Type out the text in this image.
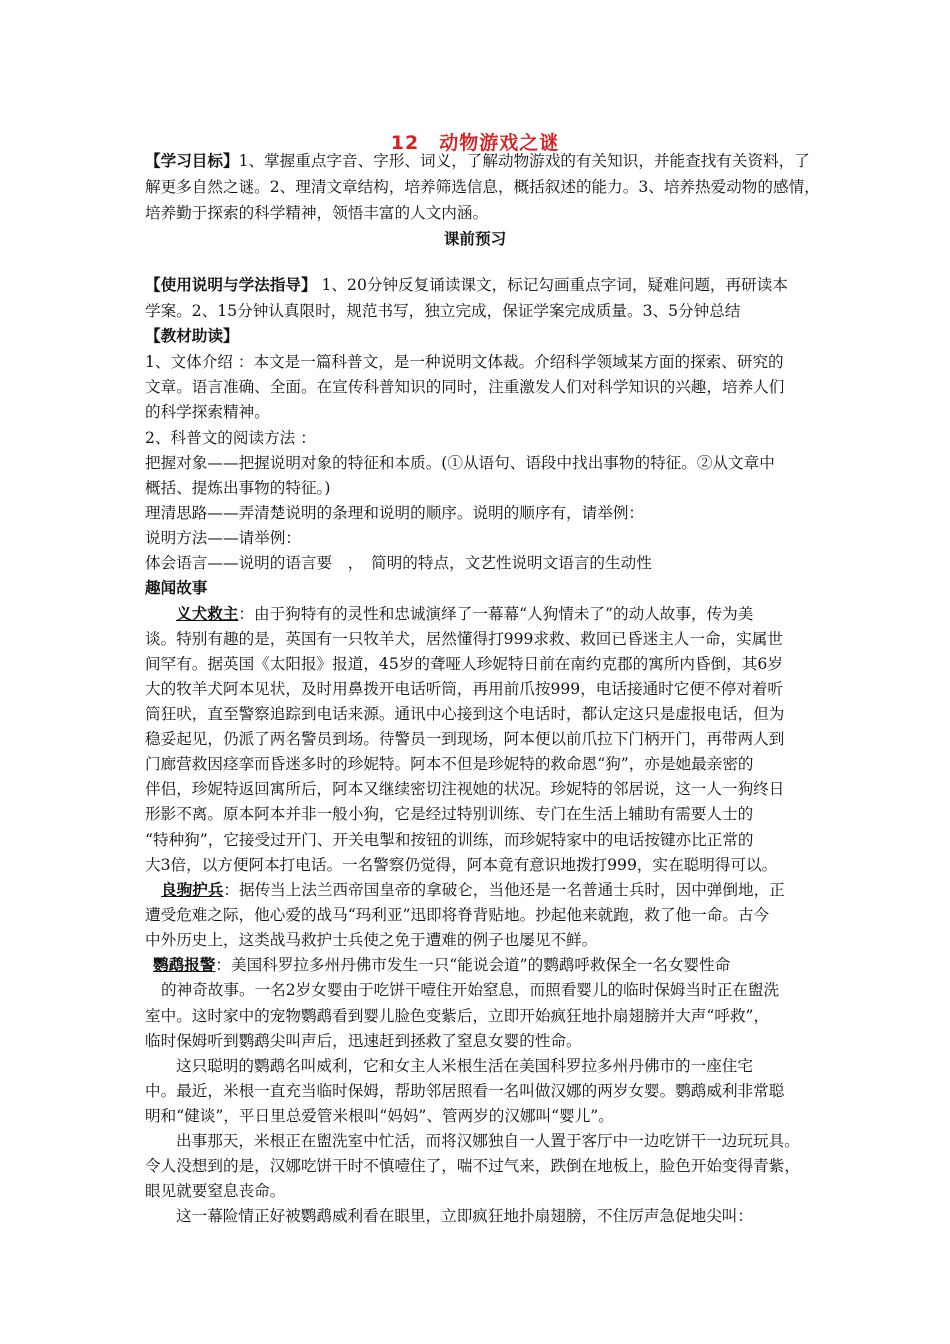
12　动物游戏之谜
【学习目标】1、掌握重点字音、字形、词义，了解动物游戏的有关知识，并能查找有关资料，了
解更多自然之谜。2、理清文章结构，培养筛选信息，概括叙述的能力。3、培养热爱动物的感情，
培养勤于探索的科学精神，领悟丰富的人文内涵。
课前预习
【使用说明与学法指导】 1、20分钟反复诵读课文，标记勾画重点字词，疑难问题，再研读本
学案。2、15分钟认真限时，规范书写，独立完成，保证学案完成质量。3、5分钟总结
【教材助读】
1、文体介绍 ：本文是一篇科普文，是一种说明文体裁。介绍科学领域某方面的探索、研究的
文章。语言准确、全面。在宣传科普知识的同时，注重激发人们对科学知识的兴趣，培养人们
的科学探索精神。
2、科普文的阅读方法 ：
把握对象——把握说明对象的特征和本质。(①从语句、语段中找出事物的特征。②从文章中
概括、提炼出事物的特征。)
理清思路——弄清楚说明的条理和说明的顺序。说明的顺序有，请举例：
说明方法——请举例：
体会语言——说明的语言要　，　简明的特点，文艺性说明文语言的生动性
趣闻故事
义犬救主：由于狗特有的灵性和忠诚演绎了一幕幕“人狗情未了”的动人故事，传为美
谈。特别有趣的是，英国有一只牧羊犬，居然懂得打999求救、救回已昏迷主人一命，实属世
间罕有。据英国《太阳报》报道，45岁的聋哑人珍妮特日前在南约克郡的寓所内昏倒，其6岁
大的牧羊犬阿本见状，及时用鼻拨开电话听筒，再用前爪按999，电话接通时它便不停对着听
筒狂吠，直至警察追踪到电话来源。通讯中心接到这个电话时，都认定这只是虚报电话，但为
稳妥起见，仍派了两名警员到场。待警员一到现场，阿本便以前爪拉下门柄开门，再带两人到
门廊营救因痉挛而昏迷多时的珍妮特。阿本不但是珍妮特的救命恩“狗”，亦是她最亲密的
伴侣，珍妮特返回寓所后，阿本又继续密切注视她的状况。珍妮特的邻居说，这一人一狗终日
形影不离。原本阿本并非一般小狗，它是经过特别训练、专门在生活上辅助有需要人士的
“特种狗”，它接受过开门、开关电掣和按钮的训练，而珍妮特家中的电话按键亦比正常的
大3倍，以方便阿本打电话。一名警察仍觉得，阿本竟有意识地拨打999，实在聪明得可以。
良驹护兵：据传当上法兰西帝国皇帝的拿破仑，当他还是一名普通士兵时，因中弹倒地，正
遭受危难之际，他心爱的战马“玛利亚”迅即将脊背贴地。抄起他来就跑，救了他一命。古今
中外历史上，这类战马救护士兵使之免于遭难的例子也屡见不鲜。
鹦鹉报警：美国科罗拉多州丹佛市发生一只“能说会道”的鹦鹉呼救保全一名女婴性命
的神奇故事。一名2岁女婴由于吃饼干噎住开始窒息，而照看婴儿的临时保姆当时正在盥洗
室中。这时家中的宠物鹦鹉看到婴儿脸色变紫后，立即开始疯狂地扑扇翅膀并大声“呼救”，
临时保姆听到鹦鹉尖叫声后，迅速赶到拯救了窒息女婴的性命。
这只聪明的鹦鹉名叫威利，它和女主人米根生活在美国科罗拉多州丹佛市的一座住宅
中。最近，米根一直充当临时保姆，帮助邻居照看一名叫做汉娜的两岁女婴。鹦鹉威利非常聪
明和“健谈”，平日里总爱管米根叫“妈妈”、管两岁的汉娜叫“婴儿”。
出事那天，米根正在盥洗室中忙活，而将汉娜独自一人置于客厅中一边吃饼干一边玩玩具。
令人没想到的是，汉娜吃饼干时不慎噎住了，喘不过气来，跌倒在地板上，脸色开始变得青紫，
眼见就要窒息丧命。
这一幕险情正好被鹦鹉威利看在眼里，立即疯狂地扑扇翅膀，不住厉声急促地尖叫：
